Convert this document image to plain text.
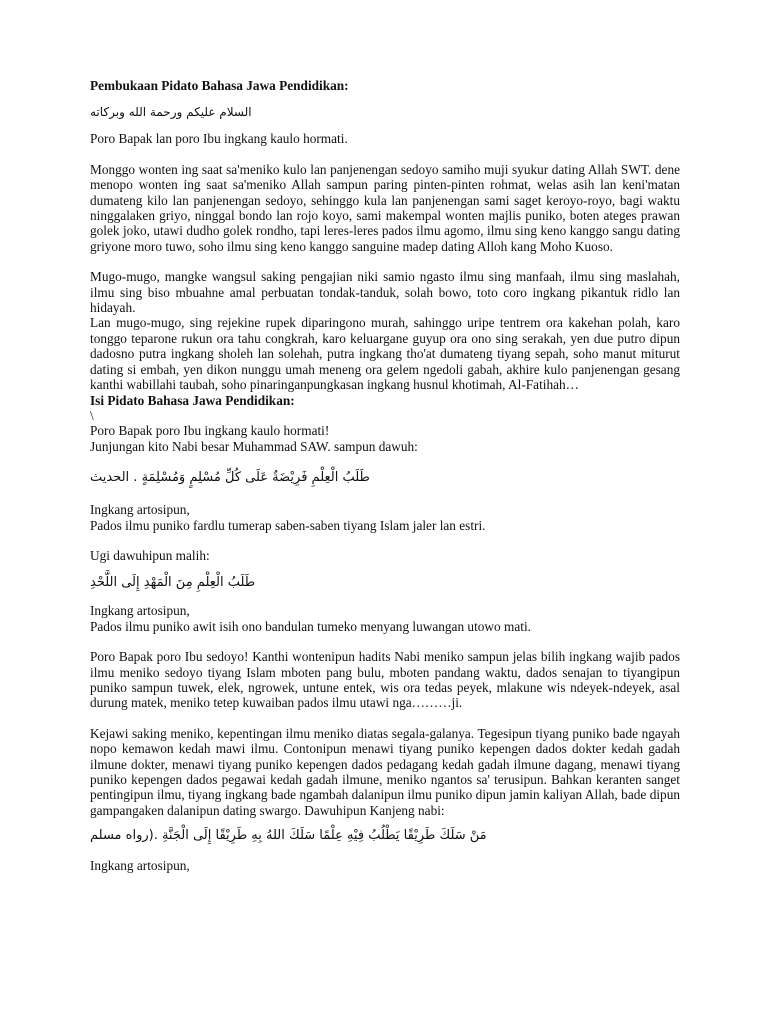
Pembukaan Pidato Bahasa Jawa Pendidikan:

السلام عليكم ورحمة الله وبركاته

Poro Bapak lan poro Ibu ingkang kaulo hormati.

Monggo wonten ing saat sa'meniko kulo lan panjenengan sedoyo samiho muji syukur dating Allah SWT. dene menopo wonten ing saat sa'meniko Allah sampun paring pinten-pinten rohmat, welas asih lan keni'matan dumateng kilo lan panjenengan sedoyo, sehinggo kula lan panjenengan sami saget keroyo-royo, bagi waktu ninggalaken griyo, ninggal bondo lan rojo koyo, sami makempal wonten majlis puniko, boten ateges prawan golek joko, utawi dudho golek rondho, tapi leres-leres pados ilmu agomo, ilmu sing keno kanggo sangu dating griyone moro tuwo, soho ilmu sing keno kanggo sanguine madep dating Alloh kang Moho Kuoso.

Mugo-mugo, mangke wangsul saking pengajian niki samio ngasto ilmu sing manfaah, ilmu sing maslahah, ilmu sing biso mbuahne amal perbuatan tondak-tanduk, solah bowo, toto coro ingkang pikantuk ridlo lan hidayah.

Lan mugo-mugo, sing rejekine rupek diparingono murah, sahinggo uripe tentrem ora kakehan polah, karo tonggo teparone rukun ora tahu congkrah, karo keluargane guyup ora ono sing serakah, yen due putro dipun dadosno putra ingkang sholeh lan solehah, putra ingkang tho'at dumateng tiyang sepah, soho manut miturut dating si embah, yen dikon nunggu umah meneng ora gelem ngedoli gabah, akhire kulo panjenengan gesang kanthi wabillahi taubah, soho pinaringanpungkasan ingkang husnul khotimah, Al-Fatihah…

Isi Pidato Bahasa Jawa Pendidikan:

\

Poro Bapak poro Ibu ingkang kaulo hormati!

Junjungan kito Nabi besar Muhammad SAW. sampun dawuh:

طَلَبُ الْعِلْمِ فَرِيْضَةٌ عَلَى كُلِّ مُسْلِمٍ وَمُسْلِمَةٍ . الحديث

Ingkang artosipun,

Pados ilmu puniko fardlu tumerap saben-saben tiyang Islam jaler lan estri.

Ugi dawuhipun malih:

طَلَبُ الْعِلْمِ مِنَ الْمَهْدِ إِلَى اللَّحْدِ

Ingkang artosipun,

Pados ilmu puniko awit isih ono bandulan tumeko menyang luwangan utowo mati.

Poro Bapak poro Ibu sedoyo! Kanthi wontenipun hadits Nabi meniko sampun jelas bilih ingkang wajib pados ilmu meniko sedoyo tiyang Islam mboten pang bulu, mboten pandang waktu, dados senajan to tiyangipun puniko sampun tuwek, elek, ngrowek, untune entek, wis ora tedas peyek, mlakune wis ndeyek-ndeyek, asal durung matek, meniko tetep kuwaiban pados ilmu utawi nga………ji.

Kejawi saking meniko, kepentingan ilmu meniko diatas segala-galanya. Tegesipun tiyang puniko bade ngayah nopo kemawon kedah mawi ilmu. Contonipun menawi tiyang puniko kepengen dados dokter kedah gadah ilmune dokter, menawi tiyang puniko kepengen dados pedagang kedah gadah ilmune dagang, menawi tiyang puniko kepengen dados pegawai kedah gadah ilmune, meniko ngantos sa' terusipun. Bahkan keranten sanget pentingipun ilmu, tiyang ingkang bade ngambah dalanipun ilmu puniko dipun jamin kaliyan Allah, bade dipun gampangaken dalanipun dating swargo. Dawuhipun Kanjeng nabi:

مَنْ سَلَكَ طَرِيْقًا يَطْلُبُ فِيْهِ عِلْمًا سَلَكَ اللهُ بِهِ طَرِيْقًا إِلَى الْجَنَّةِ .(رواه مسلم

Ingkang artosipun,
